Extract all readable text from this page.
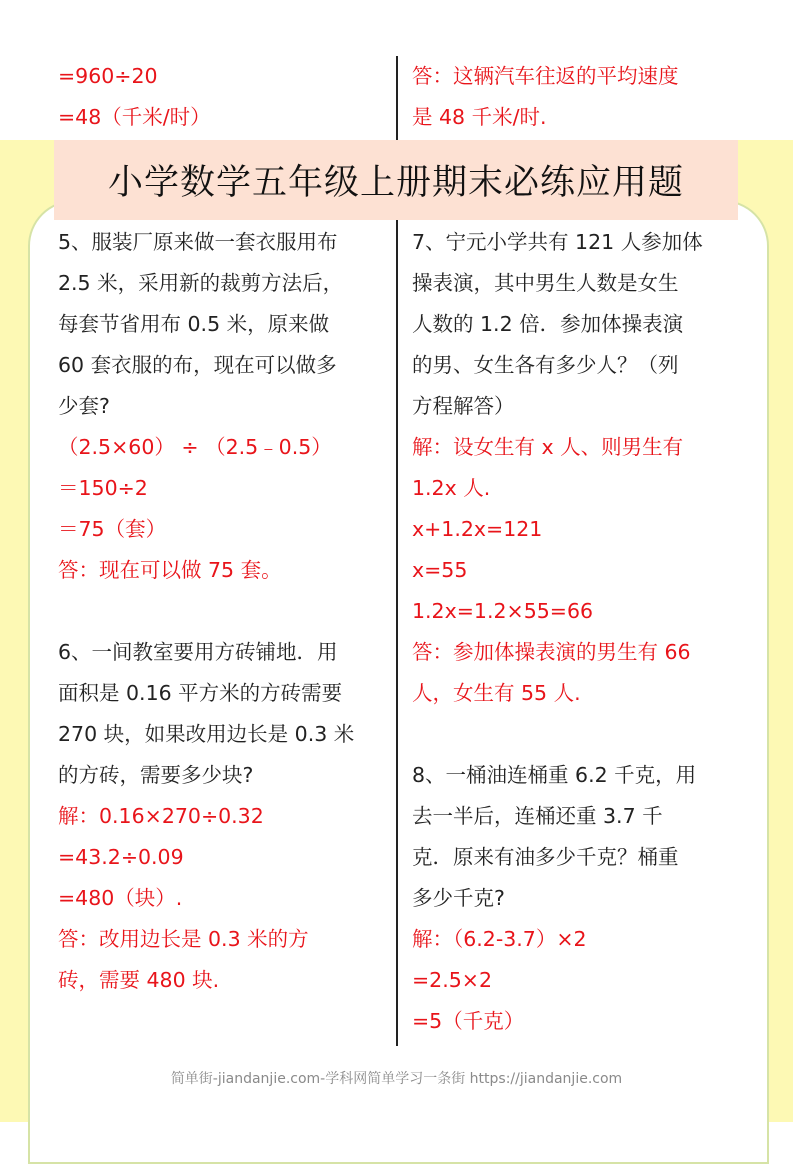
=960÷20
=48（千米/时）
答：这辆汽车往返的平均速度
是 48 千米/时.
小学数学五年级上册期末必练应用题
5、服装厂原来做一套衣服用布
2.5 米，采用新的裁剪方法后，
每套节省用布 0.5 米，原来做
60 套衣服的布，现在可以做多
少套?
（2.5×60） ÷ （2.5﹣0.5）
＝150÷2
＝75（套）
答：现在可以做 75 套。
6、一间教室要用方砖铺地．用
面积是 0.16 平方米的方砖需要
270 块，如果改用边长是 0.3 米
的方砖，需要多少块?
解：0.16×270÷0.32
=43.2÷0.09
=480（块）.
答：改用边长是 0.3 米的方
砖，需要 480 块.
7、宁元小学共有 121 人参加体
操表演，其中男生人数是女生
人数的 1.2 倍．参加体操表演
的男、女生各有多少人？（列
方程解答）
解：设女生有 x 人、则男生有
1.2x 人.
x+1.2x=121
x=55
1.2x=1.2×55=66
答：参加体操表演的男生有 66
人，女生有 55 人.
8、一桶油连桶重 6.2 千克，用
去一半后，连桶还重 3.7 千
克．原来有油多少千克？桶重
多少千克?
解：（6.2-3.7）×2
=2.5×2
=5（千克）
简单街-jiandanjie.com-学科网简单学习一条街 https://jiandanjie.com
